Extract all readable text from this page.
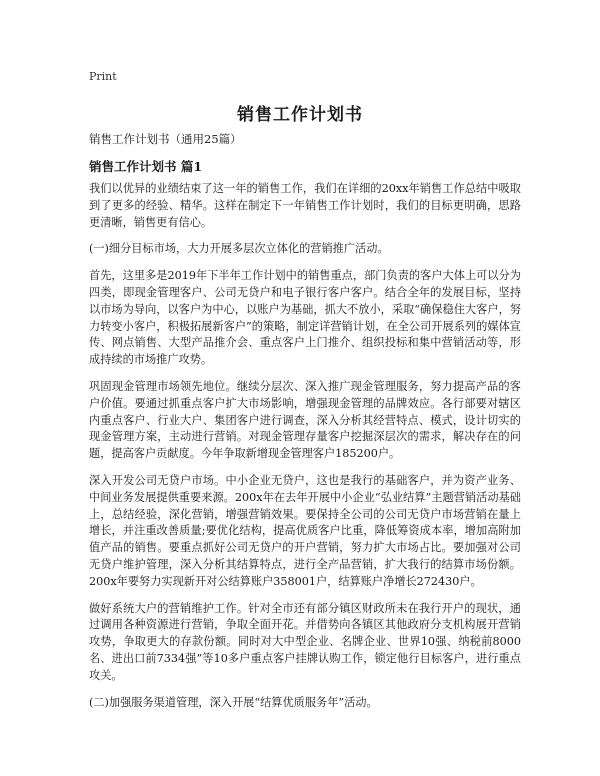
Print
销售工作计划书
销售工作计划书（通用25篇）
销售工作计划书 篇1

我们以优异的业绩结束了这一年的销售工作，我们在详细的20xx年销售工作总结中吸取到了更多的经验、精华。这样在制定下一年销售工作计划时，我们的目标更明确，思路更清晰，销售更有信心。

(一)细分目标市场，大力开展多层次立体化的营销推广活动。

首先，这里多是2019年下半年工作计划中的销售重点，部门负责的客户大体上可以分为四类，即现金管理客户、公司无贷户和电子银行客户客户。结合全年的发展目标，坚持以市场为导向，以客户为中心，以账户为基础，抓大不放小，采取“确保稳住大客户，努力转变小客户，积极拓展新客户”的策略，制定详营销计划，在全公司开展系列的媒体宣传、网点销售、大型产品推介会、重点客户上门推介、组织投标和集中营销活动等，形成持续的市场推广攻势。

巩固现金管理市场领先地位。继续分层次、深入推广现金管理服务，努力提高产品的客户价值。要通过抓重点客户扩大市场影响，增强现金管理的品牌效应。各行部要对辖区内重点客户、行业大户、集团客户进行调查，深入分析其经营特点、模式，设计切实的现金管理方案，主动进行营销。对现金管理存量客户挖掘深层次的需求，解决存在的问题，提高客户贡献度。今年争取新增现金管理客户185200户。

深入开发公司无贷户市场。中小企业无贷户，这也是我行的基础客户，并为资产业务、中间业务发展提供重要来源。200x年在去年开展中小企业“弘业结算”主题营销活动基础上，总结经验，深化营销，增强营销效果。要保持全公司的公司无贷户市场营销在量上增长，并注重改善质量;要优化结构，提高优质客户比重，降低筹资成本率，增加高附加值产品的销售。要重点抓好公司无贷户的开户营销，努力扩大市场占比。要加强对公司无贷户维护管理，深入分析其结算特点，进行全产品营销，扩大我行的结算市场份额。200x年要努力实现新开对公结算账户358001户，结算账户净增长272430户。

做好系统大户的营销维护工作。针对全市还有部分镇区财政所未在我行开户的现状，通过调用各种资源进行营销，争取全面开花。并借势向各镇区其他政府分支机构展开营销攻势，争取更大的存款份额。同时对大中型企业、名牌企业、世界10强、纳税前8000名、进出口前7334强”等10多户重点客户挂牌认购工作，锁定他行目标客户，进行重点攻关。

(二)加强服务渠道管理，深入开展“结算优质服务年”活动。
